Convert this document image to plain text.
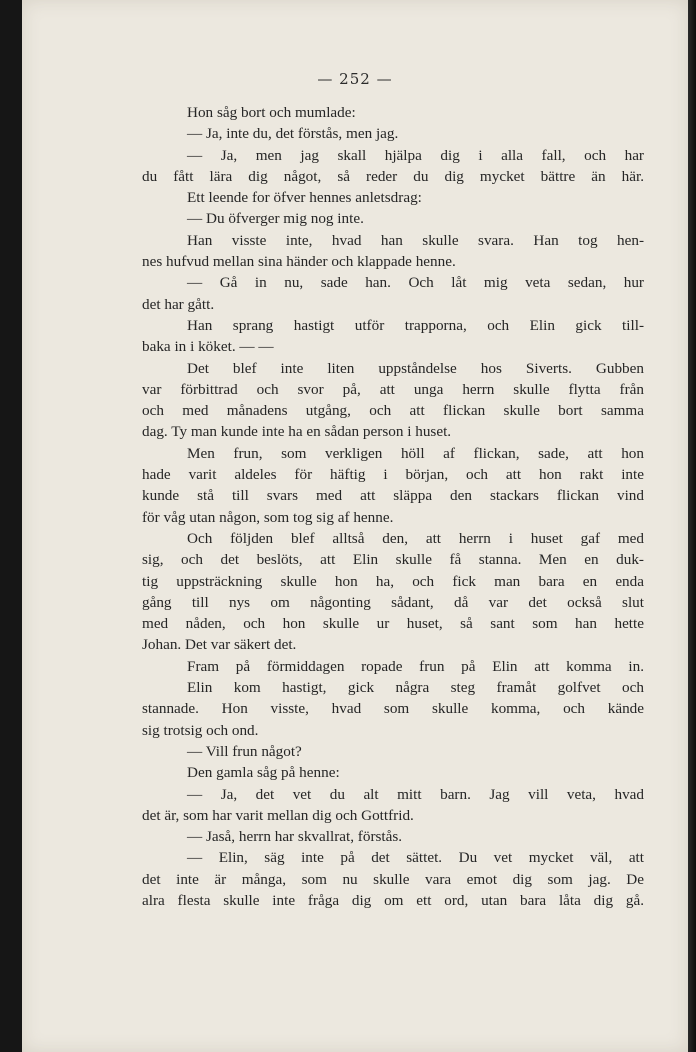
— 252 —
Hon såg bort och mumlade:
— Ja, inte du, det förstås, men jag.
— Ja, men jag skall hjälpa dig i alla fall, och har
du fått lära dig något, så reder du dig mycket bättre än här.
Ett leende for öfver hennes anletsdrag:
— Du öfverger mig nog inte.
Han visste inte, hvad han skulle svara. Han tog hen-
nes hufvud mellan sina händer och klappade henne.
— Gå in nu, sade han. Och låt mig veta sedan, hur
det har gått.
Han sprang hastigt utför trapporna, och Elin gick till-
baka in i köket. — —
Det blef inte liten uppståndelse hos Siverts. Gubben
var förbittrad och svor på, att unga herrn skulle flytta från
och med månadens utgång, och att flickan skulle bort samma
dag. Ty man kunde inte ha en sådan person i huset.
Men frun, som verkligen höll af flickan, sade, att hon
hade varit aldeles för häftig i början, och att hon rakt inte
kunde stå till svars med att släppa den stackars flickan vind
för våg utan någon, som tog sig af henne.
Och följden blef alltså den, att herrn i huset gaf med
sig, och det beslöts, att Elin skulle få stanna. Men en duk-
tig uppsträckning skulle hon ha, och fick man bara en enda
gång till nys om någonting sådant, då var det också slut
med nåden, och hon skulle ur huset, så sant som han hette
Johan. Det var säkert det.
Fram på förmiddagen ropade frun på Elin att komma in.
Elin kom hastigt, gick några steg framåt golfvet och
stannade. Hon visste, hvad som skulle komma, och kände
sig trotsig och ond.
— Vill frun något?
Den gamla såg på henne:
— Ja, det vet du alt mitt barn. Jag vill veta, hvad
det är, som har varit mellan dig och Gottfrid.
— Jaså, herrn har skvallrat, förstås.
— Elin, säg inte på det sättet. Du vet mycket väl, att
det inte är många, som nu skulle vara emot dig som jag. De
alra flesta skulle inte fråga dig om ett ord, utan bara låta dig gå.
